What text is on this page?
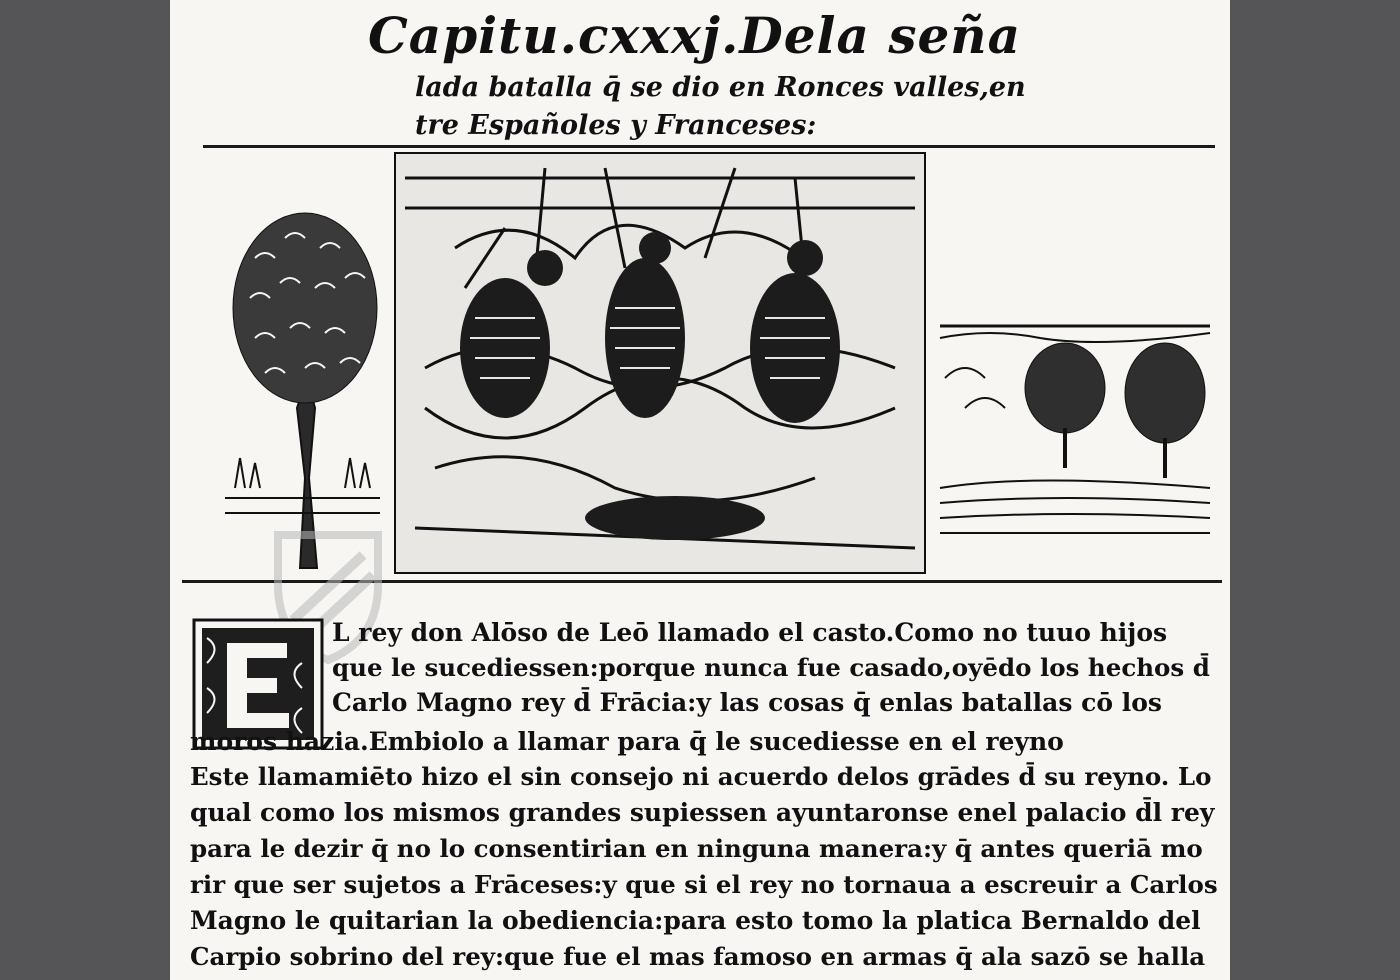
Capitu.cxxxj.Dela seña
lada batalla q̄ se dio en Ronces valles,en
tre Españoles y Franceses:
L rey don Alōso de Leō llamado el casto.Como no tuuo hijos
que le sucediessen:porque nunca fue casado,oyēdo los hechos d̄
Carlo Magno rey d̄ Frācia:y las cosas q̄ enlas batallas cō los
moros hazia.Embiolo a llamar para q̄ le sucediesse en el reyno
Este llamamiēto hizo el sin consejo ni acuerdo delos grādes d̄ su reyno. Lo
qual como los mismos grandes supiessen ayuntaronse enel palacio d̄l rey
para le dezir q̄ no lo consentirian en ninguna manera:y q̄ antes queriā mo
rir que ser sujetos a Frāceses:y que si el rey no tornaua a escreuir a Carlos
Magno le quitarian la obediencia:para esto tomo la platica Bernaldo del
Carpio sobrino del rey:que fue el mas famoso en armas q̄ ala sazō se halla
